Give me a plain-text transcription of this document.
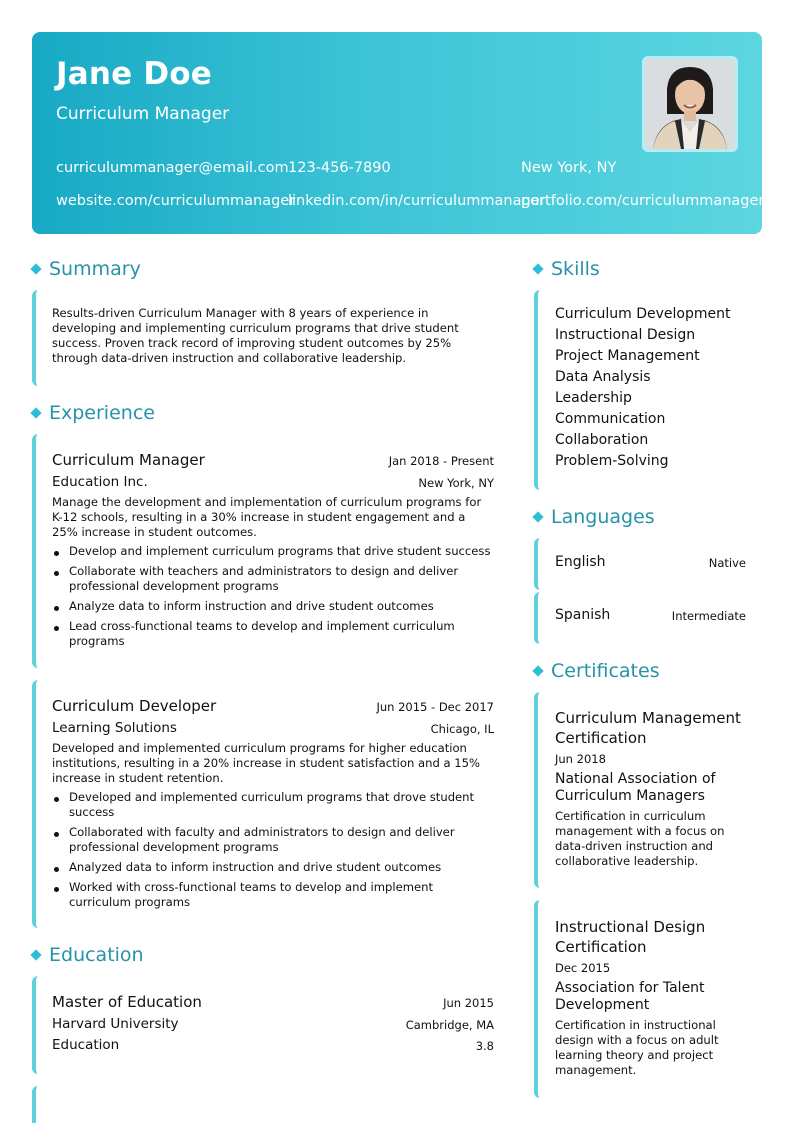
Jane Doe
Curriculum Manager
curriculummanager@email.com 123-456-7890	New York, NY
website.com/curriculummanager
linkedin.com/in/curriculummanager
portfolio.com/curriculummanager
Summary
Results-driven Curriculum Manager with 8 years of experience in developing and implementing curriculum programs that drive student success. Proven track record of improving student outcomes by 25% through data-driven instruction and collaborative leadership.
Experience
Curriculum Manager	Jan 2018 - Present
Education Inc.	New York, NY
Manage the development and implementation of curriculum programs for K-12 schools, resulting in a 30% increase in student engagement and a 25% increase in student outcomes.
Develop and implement curriculum programs that drive student success
Collaborate with teachers and administrators to design and deliver professional development programs
Analyze data to inform instruction and drive student outcomes
Lead cross-functional teams to develop and implement curriculum programs
Curriculum Developer	Jun 2015 - Dec 2017
Learning Solutions	Chicago, IL
Developed and implemented curriculum programs for higher education institutions, resulting in a 20% increase in student satisfaction and a 15% increase in student retention.
Developed and implemented curriculum programs that drove student success
Collaborated with faculty and administrators to design and deliver professional development programs
Analyzed data to inform instruction and drive student outcomes
Worked with cross-functional teams to develop and implement curriculum programs
Education
Master of Education	Jun 2015
Harvard University	Cambridge, MA
Education	3.8
Skills
Curriculum Development
Instructional Design
Project Management
Data Analysis
Leadership
Communication
Collaboration
Problem-Solving
Languages
English	Native
Spanish	Intermediate
Certificates
Curriculum Management Certification
Jun 2018
National Association of Curriculum Managers
Certification in curriculum management with a focus on data-driven instruction and collaborative leadership.
Instructional Design Certification
Dec 2015
Association for Talent Development
Certification in instructional design with a focus on adult learning theory and project management.
